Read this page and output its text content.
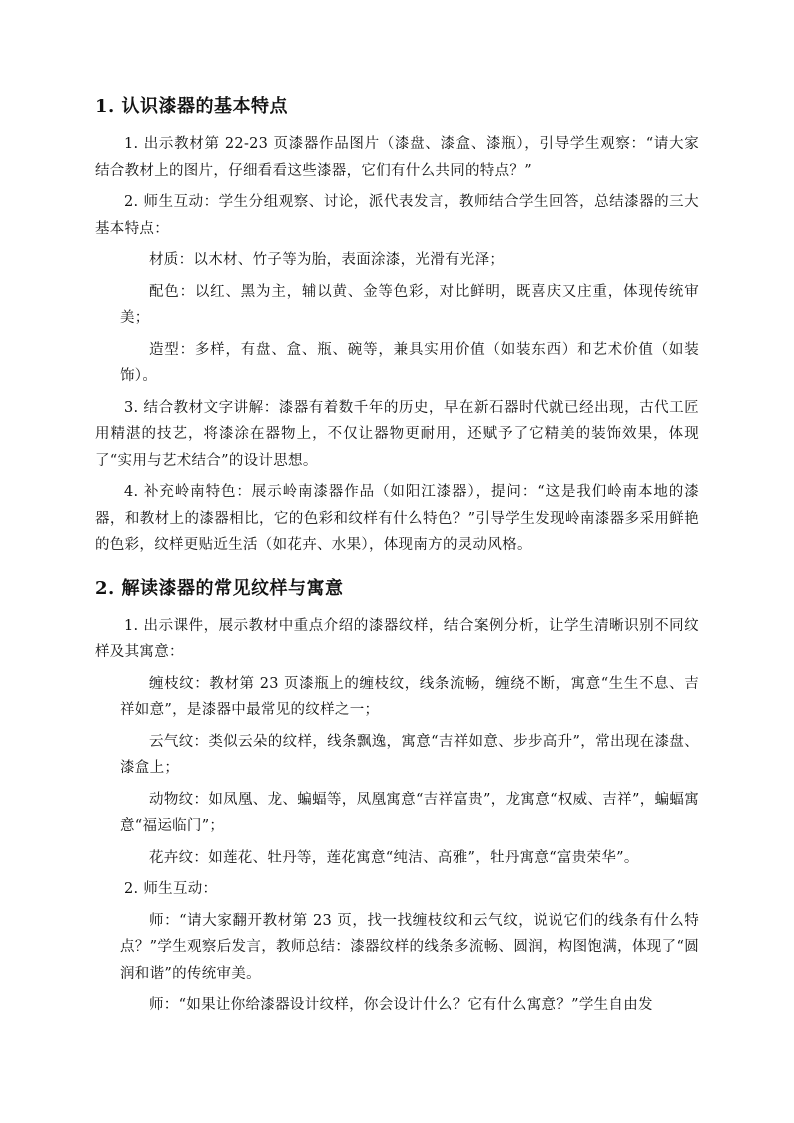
1. 认识漆器的基本特点

1. 出示教材第 22-23 页漆器作品图片（漆盘、漆盒、漆瓶），引导学生观察：“请大家结合教材上的图片，仔细看看这些漆器，它们有什么共同的特点？”

2. 师生互动：学生分组观察、讨论，派代表发言，教师结合学生回答，总结漆器的三大基本特点：

材质：以木材、竹子等为胎，表面涂漆，光滑有光泽；

配色：以红、黑为主，辅以黄、金等色彩，对比鲜明，既喜庆又庄重，体现传统审美；

造型：多样，有盘、盒、瓶、碗等，兼具实用价值（如装东西）和艺术价值（如装饰）。

3. 结合教材文字讲解：漆器有着数千年的历史，早在新石器时代就已经出现，古代工匠用精湛的技艺，将漆涂在器物上，不仅让器物更耐用，还赋予了它精美的装饰效果，体现了“实用与艺术结合”的设计思想。

4. 补充岭南特色：展示岭南漆器作品（如阳江漆器），提问：“这是我们岭南本地的漆器，和教材上的漆器相比，它的色彩和纹样有什么特色？”引导学生发现岭南漆器多采用鲜艳的色彩，纹样更贴近生活（如花卉、水果），体现南方的灵动风格。

2. 解读漆器的常见纹样与寓意

1. 出示课件，展示教材中重点介绍的漆器纹样，结合案例分析，让学生清晰识别不同纹样及其寓意：

缠枝纹：教材第 23 页漆瓶上的缠枝纹，线条流畅，缠绕不断，寓意“生生不息、吉祥如意”，是漆器中最常见的纹样之一；

云气纹：类似云朵的纹样，线条飘逸，寓意“吉祥如意、步步高升”，常出现在漆盘、漆盒上；

动物纹：如凤凰、龙、蝙蝠等，凤凰寓意“吉祥富贵”，龙寓意“权威、吉祥”，蝙蝠寓意“福运临门”；

花卉纹：如莲花、牡丹等，莲花寓意“纯洁、高雅”，牡丹寓意“富贵荣华”。

2. 师生互动：

师：“请大家翻开教材第 23 页，找一找缠枝纹和云气纹，说说它们的线条有什么特点？”学生观察后发言，教师总结：漆器纹样的线条多流畅、圆润，构图饱满，体现了“圆润和谐”的传统审美。

师：“如果让你给漆器设计纹样，你会设计什么？它有什么寓意？”学生自由发
